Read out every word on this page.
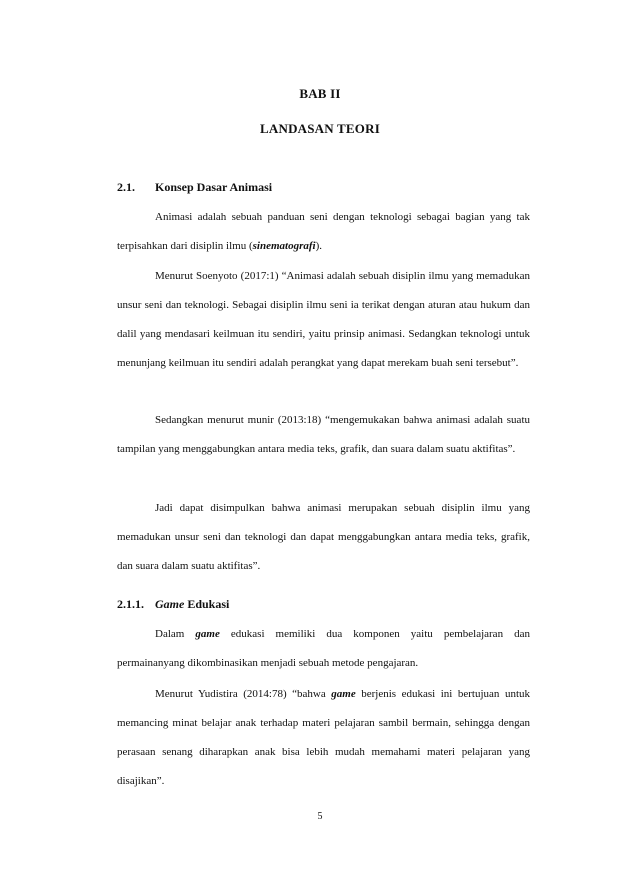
BAB II
LANDASAN TEORI
2.1. Konsep Dasar Animasi

Animasi adalah sebuah panduan seni dengan teknologi sebagai bagian yang tak terpisahkan dari disiplin ilmu (sinematografi).

Menurut Soenyoto (2017:1) “Animasi adalah sebuah disiplin ilmu yang memadukan unsur seni dan teknologi. Sebagai disiplin ilmu seni ia terikat dengan aturan atau hukum dan dalil yang mendasari keilmuan itu sendiri, yaitu prinsip animasi. Sedangkan teknologi untuk menunjang keilmuan itu sendiri adalah perangkat yang dapat merekam buah seni tersebut”.

Sedangkan menurut munir (2013:18) “mengemukakan bahwa animasi adalah suatu tampilan yang menggabungkan antara media teks, grafik, dan suara dalam suatu aktifitas”.

Jadi dapat disimpulkan bahwa animasi merupakan sebuah disiplin ilmu yang memadukan unsur seni dan teknologi dan dapat menggabungkan antara media teks, grafik, dan suara dalam suatu aktifitas”.

2.1.1. Game Edukasi

Dalam game edukasi memiliki dua komponen yaitu pembelajaran dan permainanyang dikombinasikan menjadi sebuah metode pengajaran.

Menurut Yudistira (2014:78) “bahwa game berjenis edukasi ini bertujuan untuk memancing minat belajar anak terhadap materi pelajaran sambil bermain, sehingga dengan perasaan senang diharapkan anak bisa lebih mudah memahami materi pelajaran yang disajikan”.

5
